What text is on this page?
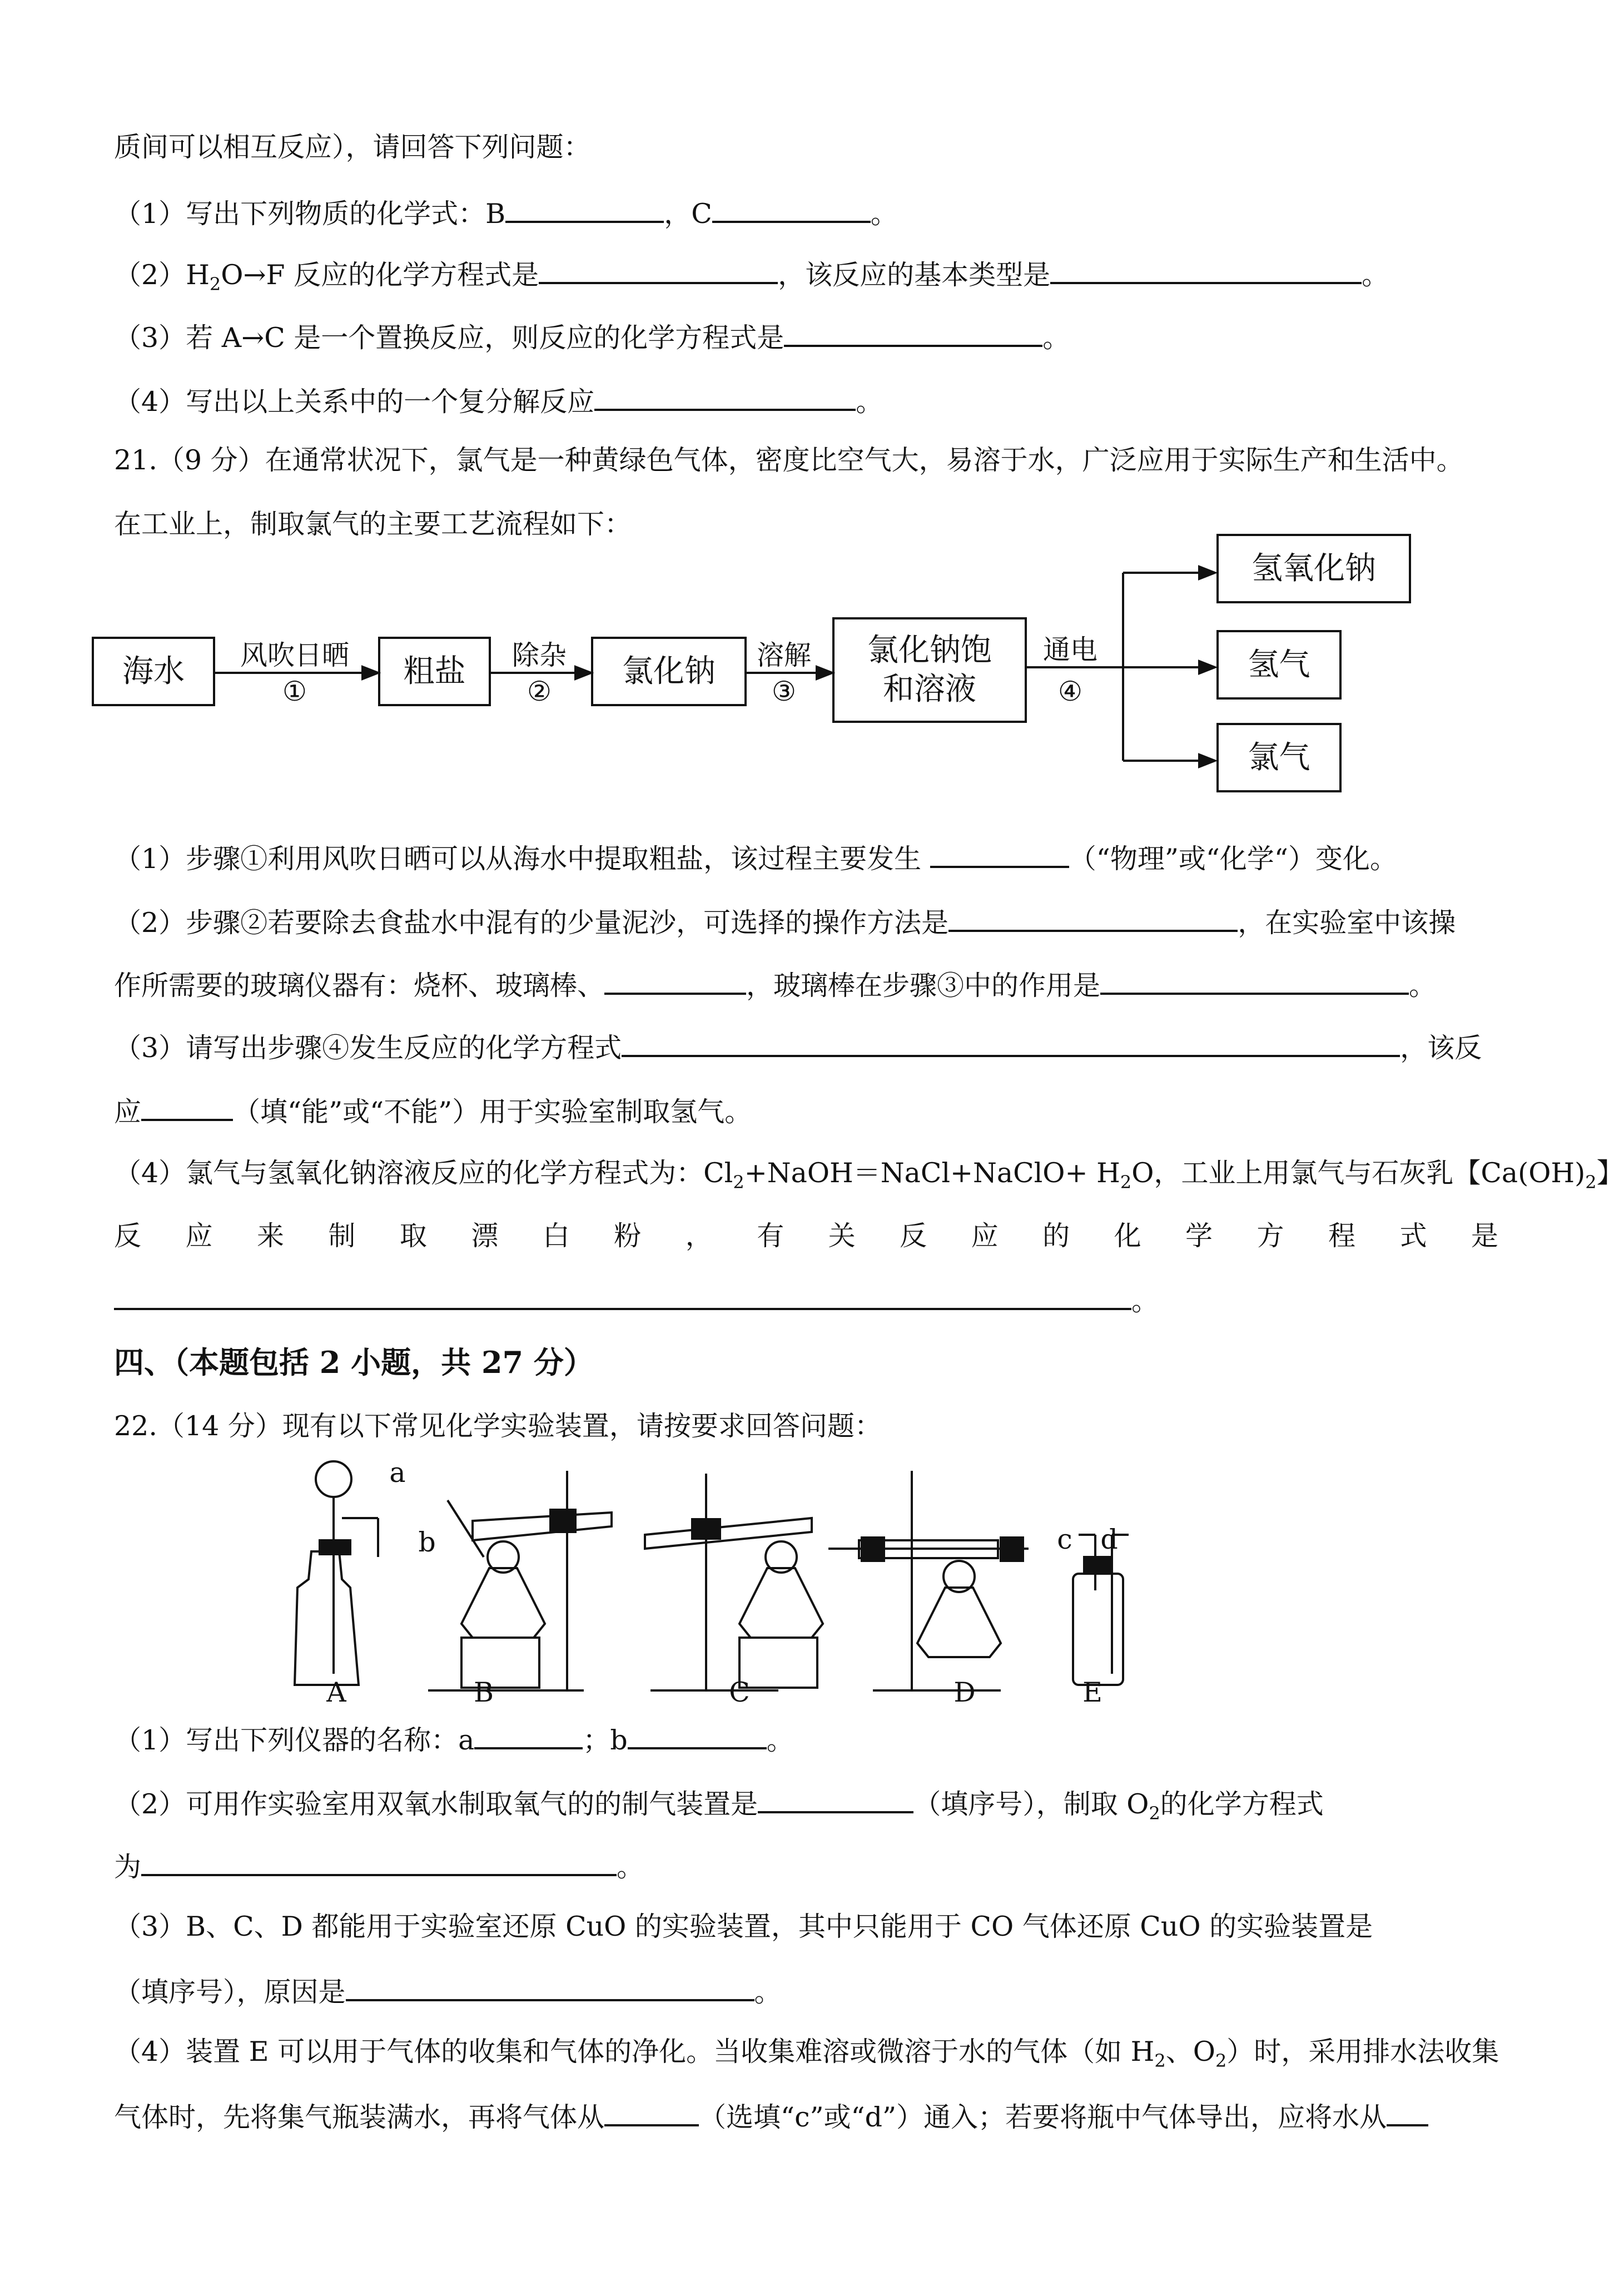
质间可以相互反应），请回答下列问题：
（1）写出下列物质的化学式：B	，C	。
$(2)H_2O\to F$ 反应的化学方程式是	，该反应的基本类型是	。
（3）若 A→C 是一个置换反应，则反应的化学方程式是	。
（4）写出以上关系中的一个复分解反应	。
21.（9 分）在通常状况下，氯气是一种黄绿色气体，密度比空气大，易溶于水，广泛应用于实际生产和生活中。
在工业上，制取氯气的主要工艺流程如下：
海水	粗盐	氯化钠
氯化钠饱
和溶液
氢氧化钠
氢气
氯气
风吹日晒
①
除杂
②
溶解
③
通电
④
（1）步骤①利用风吹日晒可以从海水中提取粗盐，该过程主要发生	（“物理”或“化学“）变化。
（2）步骤②若要除去食盐水中混有的少量泥沙，可选择的操作方法是	，在实验室中该操
作所需要的玻璃仪器有：烧杯、玻璃棒、	，玻璃棒在步骤③中的作用是	。
（3）请写出步骤④发生反应的化学方程式	，该反
应	（填“能”或“不能”）用于实验室制取氢气。
（4）氯气与氢氧化钠溶液反应的化学方程式为：$Cl_2+NaOH=NaCl+NaClO+ H_2O$，工业上用氯气与石灰乳【$Ca(OH)_2$】
反 应 来 制 取 漂 白 粉 ， 有 关 反 应 的 化 学 方 程 式 是
。
四、（本题包括 2 小题，共 27 分）
22.（14 分）现有以下常见化学实验装置，请按要求回答问题：
a
b	c d
A	B	C	D	E
（1）写出下列仪器的名称：a	；b	。
（2）可用作实验室用双氧水制取氧气的的制气装置是	（填序号），制取 $O_2$的化学方程式
为	。
（3）B、C、D 都能用于实验室还原 CuO 的实验装置，其中只能用于 CO 气体还原 CuO 的实验装置是
（填序号），原因是	。
（4）装置 E 可以用于气体的收集和气体的净化。当收集难溶或微溶于水的气体（如 $H_2$、$O_2$）时，采用排水法收集
气体时，先将集气瓶装满水，再将气体从	（选填“c”或“d”）通入；若要将瓶中气体导出，应将水从
